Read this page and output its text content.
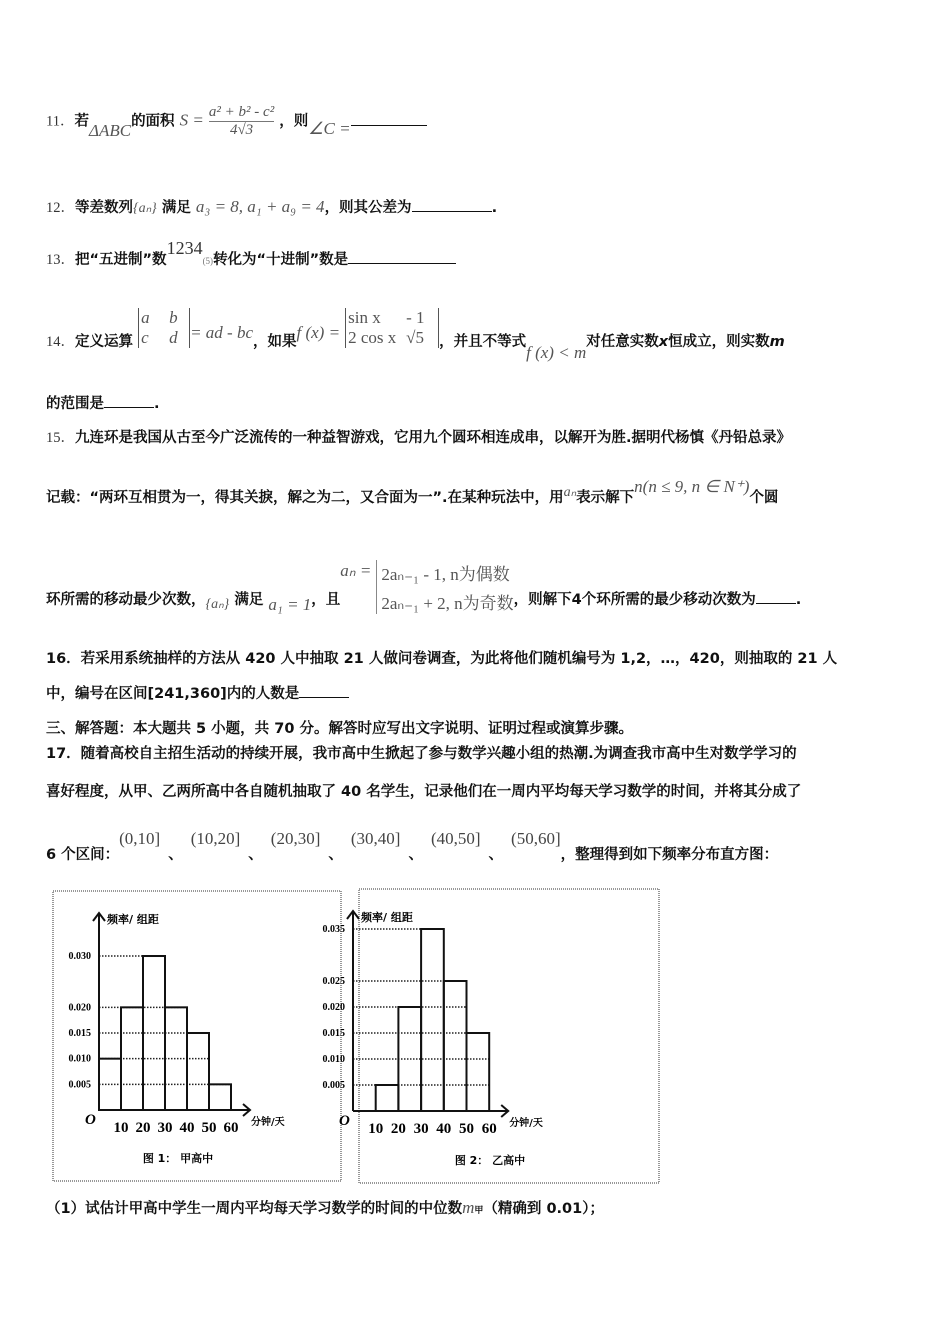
11．若ΔABC的面积 $S = \frac{\text{a² + b² - c²}}{4√3}$ ，则∠C =
12．等差数列{aₙ} 满足 a₃ = 8, a₁ + a₉ = 4，则其公差为	.
13．把“五进制”数1234(5)转化为“十进制”数是
14．定义运算
a	b
c	d = ad - bc，如果f (x) =
sin x	- 1
2 cos x √5	，并且不等式f (x) < m对任意实数x恒成立，则实数m
的范围是	.
15．九连环是我国从古至今广泛流传的一种益智游戏，它用九个圆环相连成串，以解开为胜.据明代杨慎《丹铅总录》
记载：“两环互相贯为一，得其关捩，解之为二，又合面为一”.在某种玩法中，用aₙ表示解下n(n ≤ 9, n ∈ N⁺)个圆
环所需的移动最少次数，{aₙ} 满足 a₁ = 1，且aₙ = 2aₙ₋₁ - 1, n为偶数
2aₙ₋₁ + 2, n为奇数 ，则解下4个环所需的最少移动次数为	.
16．若采用系统抽样的方法从 420 人中抽取 21 人做问卷调查，为此将他们随机编号为 1,2，…，420，则抽取的 21 人
中，编号在区间[241,360]内的人数是
三、解答题：本大题共 5 小题，共 70 分。解答时应写出文字说明、证明过程或演算步骤。
17．随着高校自主招生活动的持续开展，我市高中生掀起了参与数学兴趣小组的热潮.为调查我市高中生对数学学习的
喜好程度，从甲、乙两所高中各自随机抽取了 40 名学生，记录他们在一周内平均每天学习数学的时间，并将其分成了
6 个区间：(0,10]、(10,20]、(20,30]、(30,40]、(40,50]、(50,60]，整理得到如下频率分布直方图：
0.030
0.020
0.015
0.010
0.005
频率/ 组距
分钟/天
O 10 20 30 40 50 60
图 1： 甲高中
0.035
0.025
0.020
0.015
0.010
0.005
频率/ 组距
分钟/天
O 10 20 30 40 50 60
图 2： 乙高中
（1）试估计甲高中学生一周内平均每天学习数学的时间的中位数m甲（精确到 0.01）；
